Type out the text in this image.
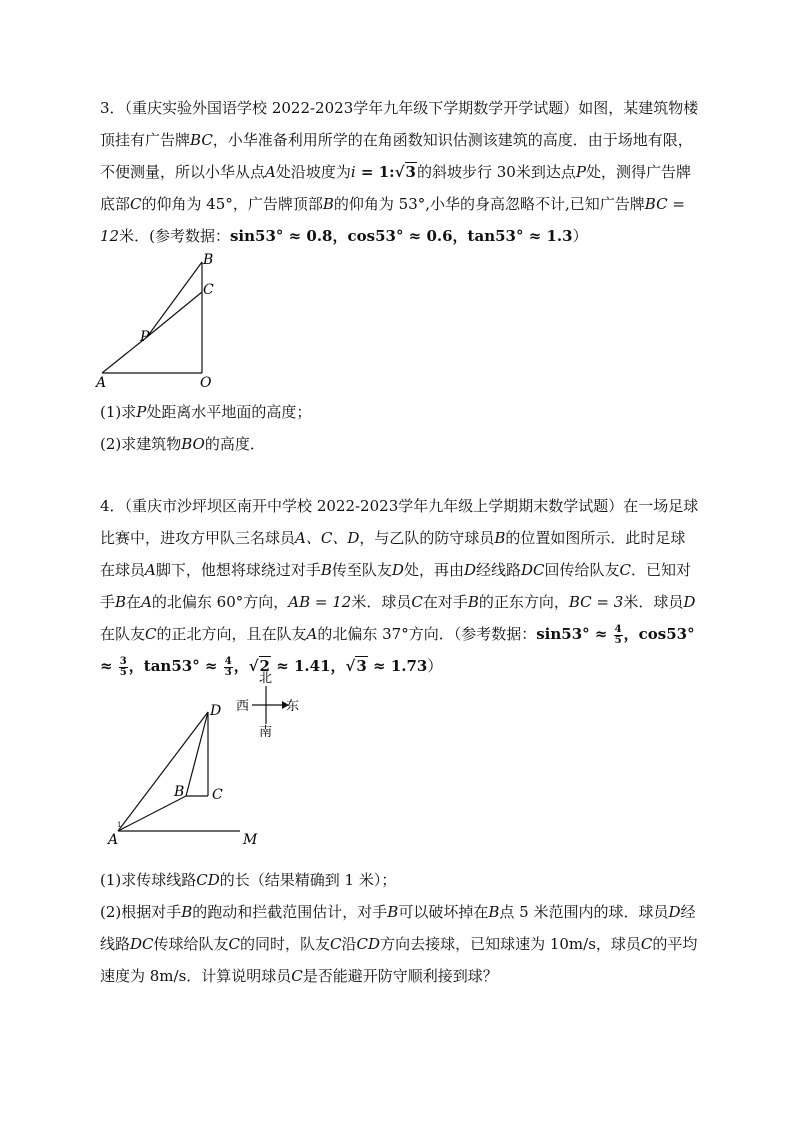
3．（重庆实验外国语学校 2022-2023学年九年级下学期数学开学试题）如图，某建筑物楼顶挂有广告牌BC，小华准备利用所学的在角函数知识估测该建筑的高度．由于场地有限，不便测量，所以小华从点A处沿坡度为i = 1:√3的斜坡步行 30米到达点P处，测得广告牌底部C的仰角为 45°，广告牌顶部B的仰角为 53°,小华的身高忽略不计,已知广告牌BC = 12米．(参考数据：sin53° ≈ 0.8，cos53° ≈ 0.6，tan53° ≈ 1.3）

B
C
P
A	O

(1)求P处距离水平地面的高度；

(2)求建筑物BO的高度．

4．（重庆市沙坪坝区南开中学校 2022-2023学年九年级上学期期末数学试题）在一场足球比赛中，进攻方甲队三名球员A、C、D，与乙队的防守球员B的位置如图所示．此时足球在球员A脚下，他想将球绕过对手B传至队友D处，再由D经线路DC回传给队友C．已知对手B在A的北偏东 60°方向，AB = 12米．球员C在对手B的正东方向，BC = 3米．球员D在队友C的正北方向，且在队友A的北偏东 37°方向．（参考数据：$\sin 53^\circ \approx \frac{4}{5}$ ，$\cos 53^\circ \approx \frac{3}{5}$ ，$\tan 53^\circ \approx \frac{4}{3}$ ，√2 ≈ 1.41，√3 ≈ 1.73）

北
南
西	东
D
B C
A
1
M

(1)求传球线路CD的长（结果精确到 1 米）；

(2)根据对手B的跑动和拦截范围估计，对手B可以破坏掉在B点 5 米范围内的球．球员D经线路DC传球给队友C的同时，队友C沿CD方向去接球，已知球速为 10m/s，球员C的平均速度为 8m/s．计算说明球员C是否能避开防守顺利接到球？
